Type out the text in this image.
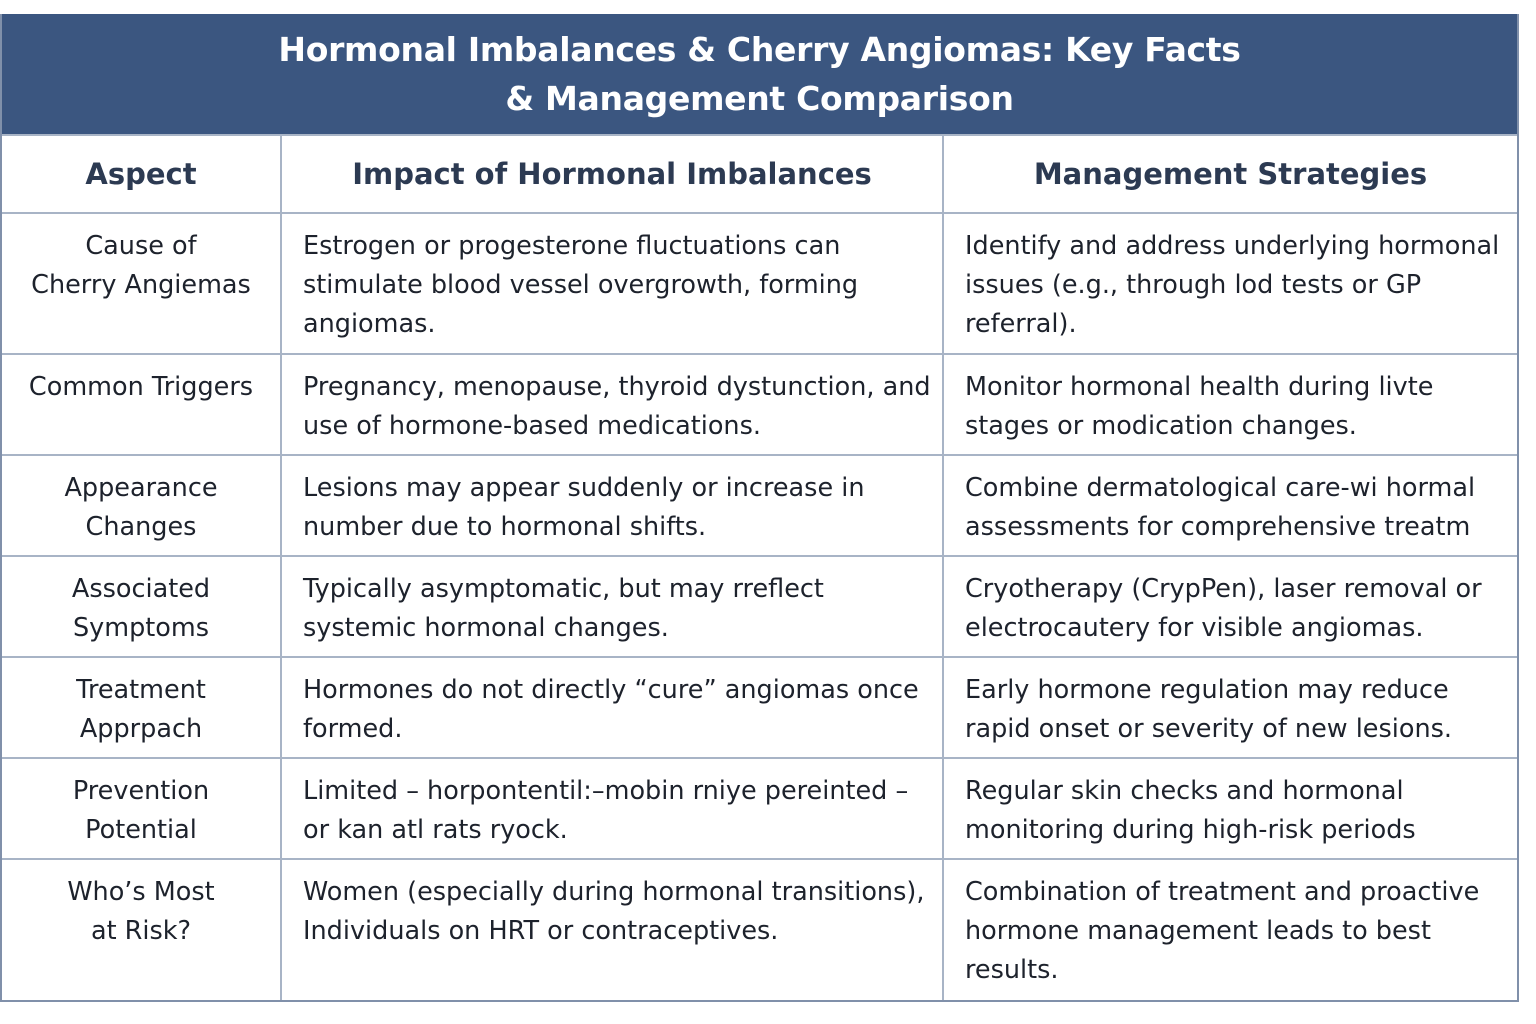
Hormonal Imbalances & Cherry Angiomas: Key Facts
& Management Comparison
Aspect	Impact of Hormonal Imbalances	Management Strategies
Cause of
Cherry Angiemas	Estrogen or progesterone fluctuations can stimulate blood vessel overgrowth, forming angiomas.	Identify and address underlying hormonal issues (e.g., through lod tests or GP referral).

Common Triggers	Pregnancy, menopause, thyroid dystunction, and use of hormone-based medications.	Monitor hormonal health during livte stages or modication changes.

Appearance
Changes	Lesions may appear suddenly or increase in number due to hormonal shifts.	Combine dermatological care-wi hormal assessments for comprehensive treatm

Associated
Symptoms	Typically asymptomatic, but may rreflect systemic hormonal changes.	Cryotherapy (CrypPen), laser removal or electrocautery for visible angiomas.

Treatment
Apprpach	Hormones do not directly “cure” angiomas once formed.	Early hormone regulation may reduce rapid onset or severity of new lesions.

Prevention
Potential	Limited – horpontentil:–mobin rniye pereinted – or kan atl rats ryock.	Regular skin checks and hormonal monitoring during high-risk periods

Who’s Most
at Risk?	Women (especially during hormonal transitions), Individuals on HRT or contraceptives.	Combination of treatment and proactive hormone management leads to best results.
